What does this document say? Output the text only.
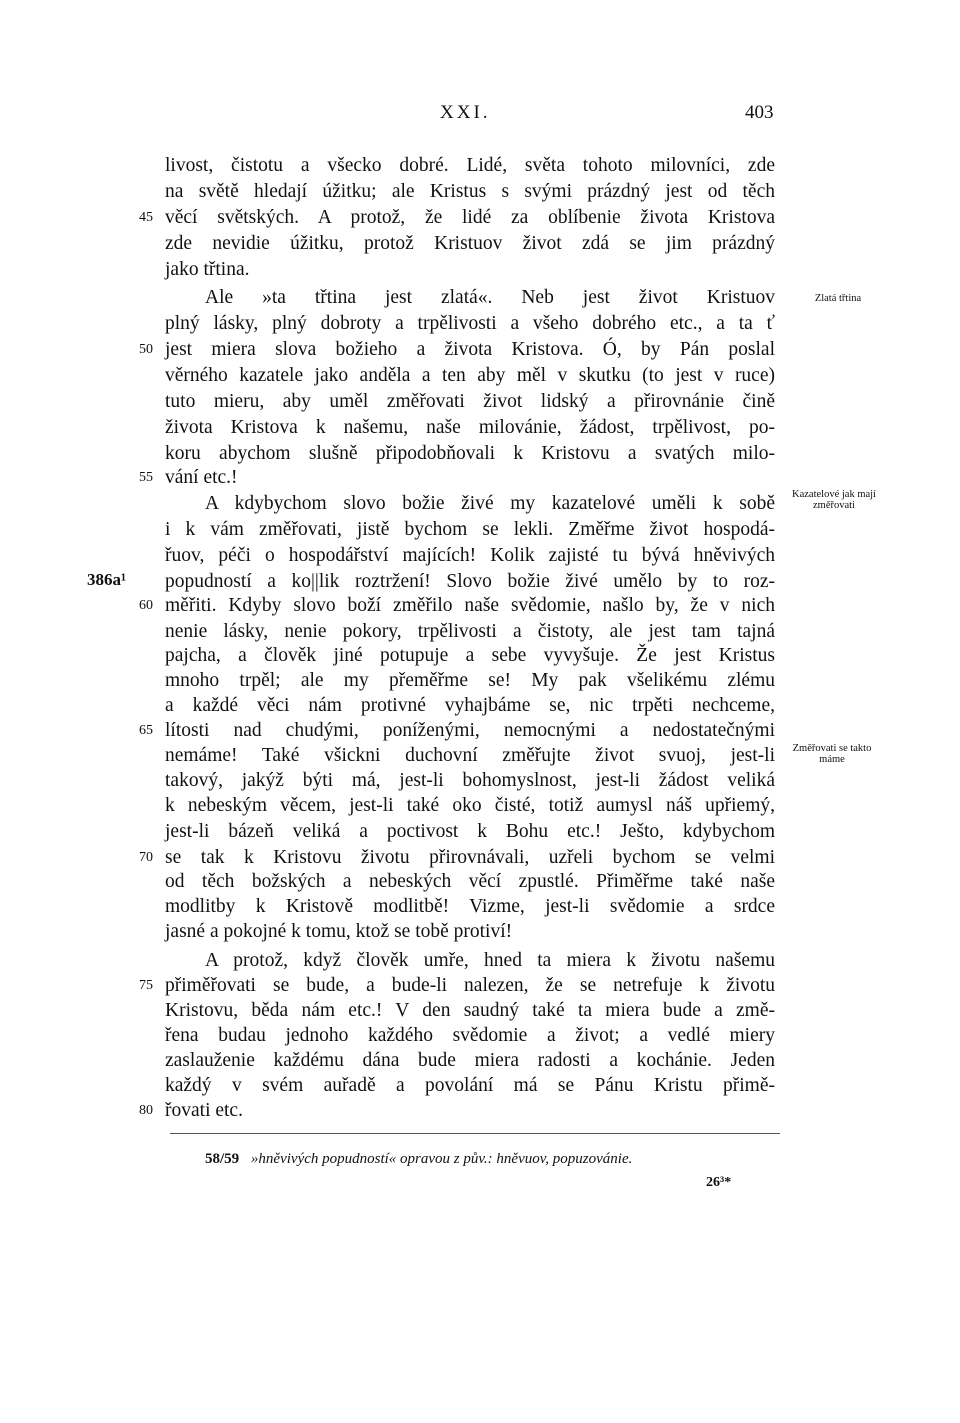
XXI.	403
livost, čistotu a všecko dobré. Lidé, světa tohoto milovníci, zde
na světě hledají úžitku; ale Kristus s svými prázdný jest od těch
věcí světských. A protož, že lidé za oblíbenie života Kristova
zde nevidie úžitku, protož Kristuov život zdá se jim prázdný
jako třtina.
Ale »ta třtina jest zlatá«. Neb jest život Kristuov
plný lásky, plný dobroty a trpělivosti a všeho dobrého etc., a ta ť
jest miera slova božieho a života Kristova. Ó, by Pán poslal
věrného kazatele jako anděla a ten aby měl v skutku (to jest v ruce)
tuto mieru, aby uměl změřovati život lidský a přirovnánie čině
života Kristova k našemu, naše milovánie, žádost, trpělivost, po-
koru abychom slušně připodobňovali k Kristovu a svatých milo-
vání etc.!
A kdybychom slovo božie živé my kazatelové uměli k sobě
i k vám změřovati, jistě bychom se lekli. Změřme život hospodá-
řuov, péči o hospodářství majících! Kolik zajisté tu bývá hněvivých
popudností a ko||lik roztržení! Slovo božie živé umělo by to roz-
měřiti. Kdyby slovo boží změřilo naše svědomie, našlo by, že v nich
nenie lásky, nenie pokory, trpělivosti a čistoty, ale jest tam tajná
pajcha, a člověk jiné potupuje a sebe vyvyšuje. Že jest Kristus
mnoho trpěl; ale my přeměřme se! My pak všelikému zlému
a každé věci nám protivné vyhajbáme se, nic trpěti nechceme,
lítosti nad chudými, poníženými, nemocnými a nedostatečnými
nemáme! Také všickni duchovní změřujte život svuoj, jest-li
takový, jakýž býti má, jest-li bohomyslnost, jest-li žádost veliká
k nebeským věcem, jest-li také oko čisté, totiž aumysl náš upřiemý,
jest-li bázeň veliká a poctivost k Bohu etc.! Ješto, kdybychom
se tak k Kristovu životu přirovnávali, uzřeli bychom se velmi
od těch božských a nebeských věcí zpustlé. Přiměřme také naše
modlitby k Kristově modlitbě! Vizme, jest-li svědomie a srdce
jasné a pokojné k tomu, ktož se tobě protiví!
A protož, když člověk umře, hned ta miera k životu našemu
přiměřovati se bude, a bude-li nalezen, že se netrefuje k životu
Kristovu, běda nám etc.! V den saudný také ta miera bude a změ-
řena budau jednoho každého svědomie a život; a vedlé miery
zaslauženie každému dána bude miera radosti a kochánie. Jeden
každý v svém auřadě a povolání má se Pánu Kristu přimě-
řovati etc.
45
50
55
60
65
70
75
80
Zlatá třtina
Kazatelové jak mají změřovati
Změřovati se takto máme
386a¹
58/59 »hněvivých popudností« opravou z pův.: hněvuov, popuzovánie.
26³*
